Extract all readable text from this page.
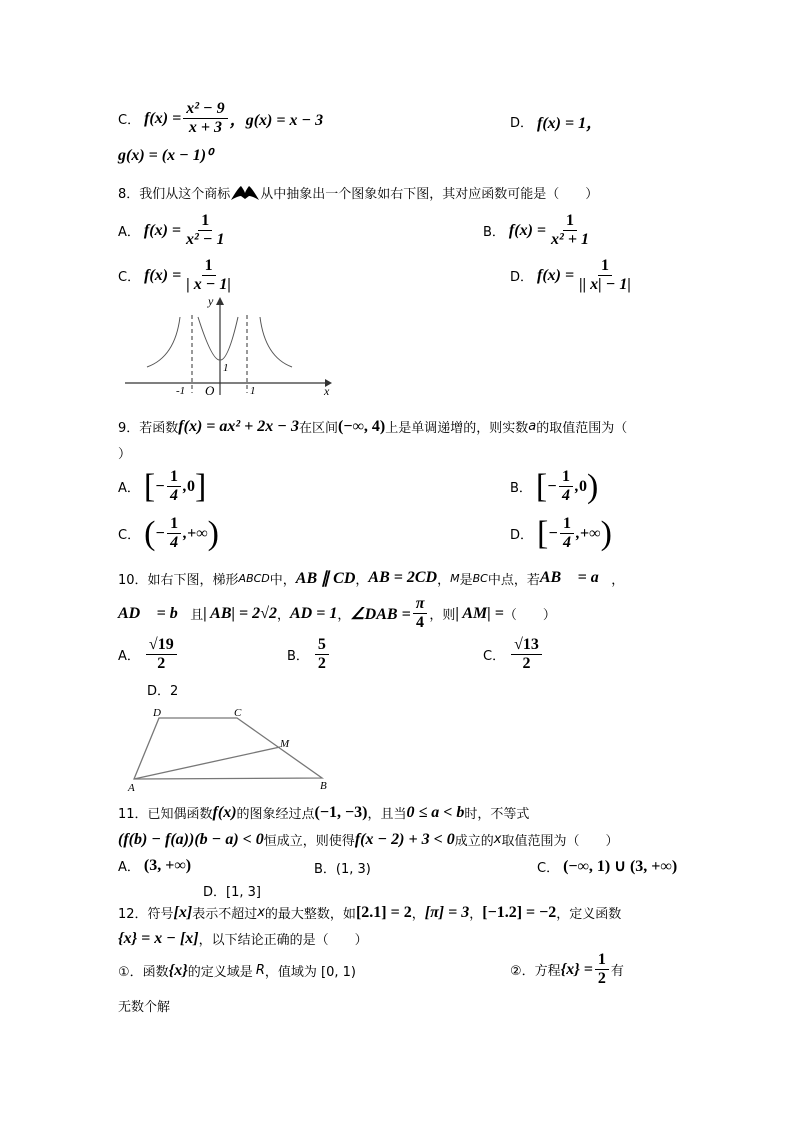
C． $f(x) = \frac{\text{x² − 9}}{x + 3}$ ，g(x) = x − 3	D． f(x) = 1，
g(x) = (x − 1)⁰
8．我们从这个商标 从中抽象出一个图象如右下图，其对应函数可能是（　　）
A． $f(x) = \frac{1}{\text{x² − 1}}$	B． $f(x) = \frac{1}{\text{x² + 1}}$
C． $f(x) = \frac{1}{| x - 1|}$	D． $f(x) = \frac{1}{|| x| - 1|}$
y
x
O
-1	1
1
9．若函数 f(x) = ax² + 2x − 3 在区间 (−∞, 4) 上是单调递增的，则实数 a 的取值范围为（
）
A． [ − $\frac{1}{4}$ , 0 ]	B． [ − $\frac{1}{4}$ , 0 )
C． ( − $\frac{1}{4}$ , +∞ )	D． [ − $\frac{1}{4}$ , +∞ )
10．如右下图，梯形 ABCD 中， AB ∥ CD ， AB = 2CD ， M 是 BC 中点，若 AB⃗ = a⃗ ，
AD⃗ = b⃗ 且 | AB| = 2√2 ， AD = 1 ， ∠DAB = $\frac{\pi}{4}$ ，则 | AM| = （　　）
A． $\frac{√19}{2}$	B． $\frac{5}{2}$	C． $\frac{√13}{2}$
D．2
D	C
M
A	B
11．已知偶函数 f(x) 的图象经过点 (−1, −3) ，且当 0 ≤ a < b 时，不等式
(f(b) − f(a))(b − a) < 0 恒成立，则使得 f(x − 2) + 3 < 0 成立的 x 取值范围为（　　）
A． (3, +∞)	B．(1, 3)	C． (−∞, 1) ∪ (3, +∞)
D．[1, 3]
12．符号 [x] 表示不超过 x 的最大整数，如 [2.1] = 2 ， [π] = 3 ， [−1.2] = −2 ，定义函数
{x} = x − [x] ，以下结论正确的是（　　）
①．函数 {x} 的定义域是 R ，值域为 [0, 1)	②．方程 $\{x\} = \frac{1}{2}$ 有
无数个解
